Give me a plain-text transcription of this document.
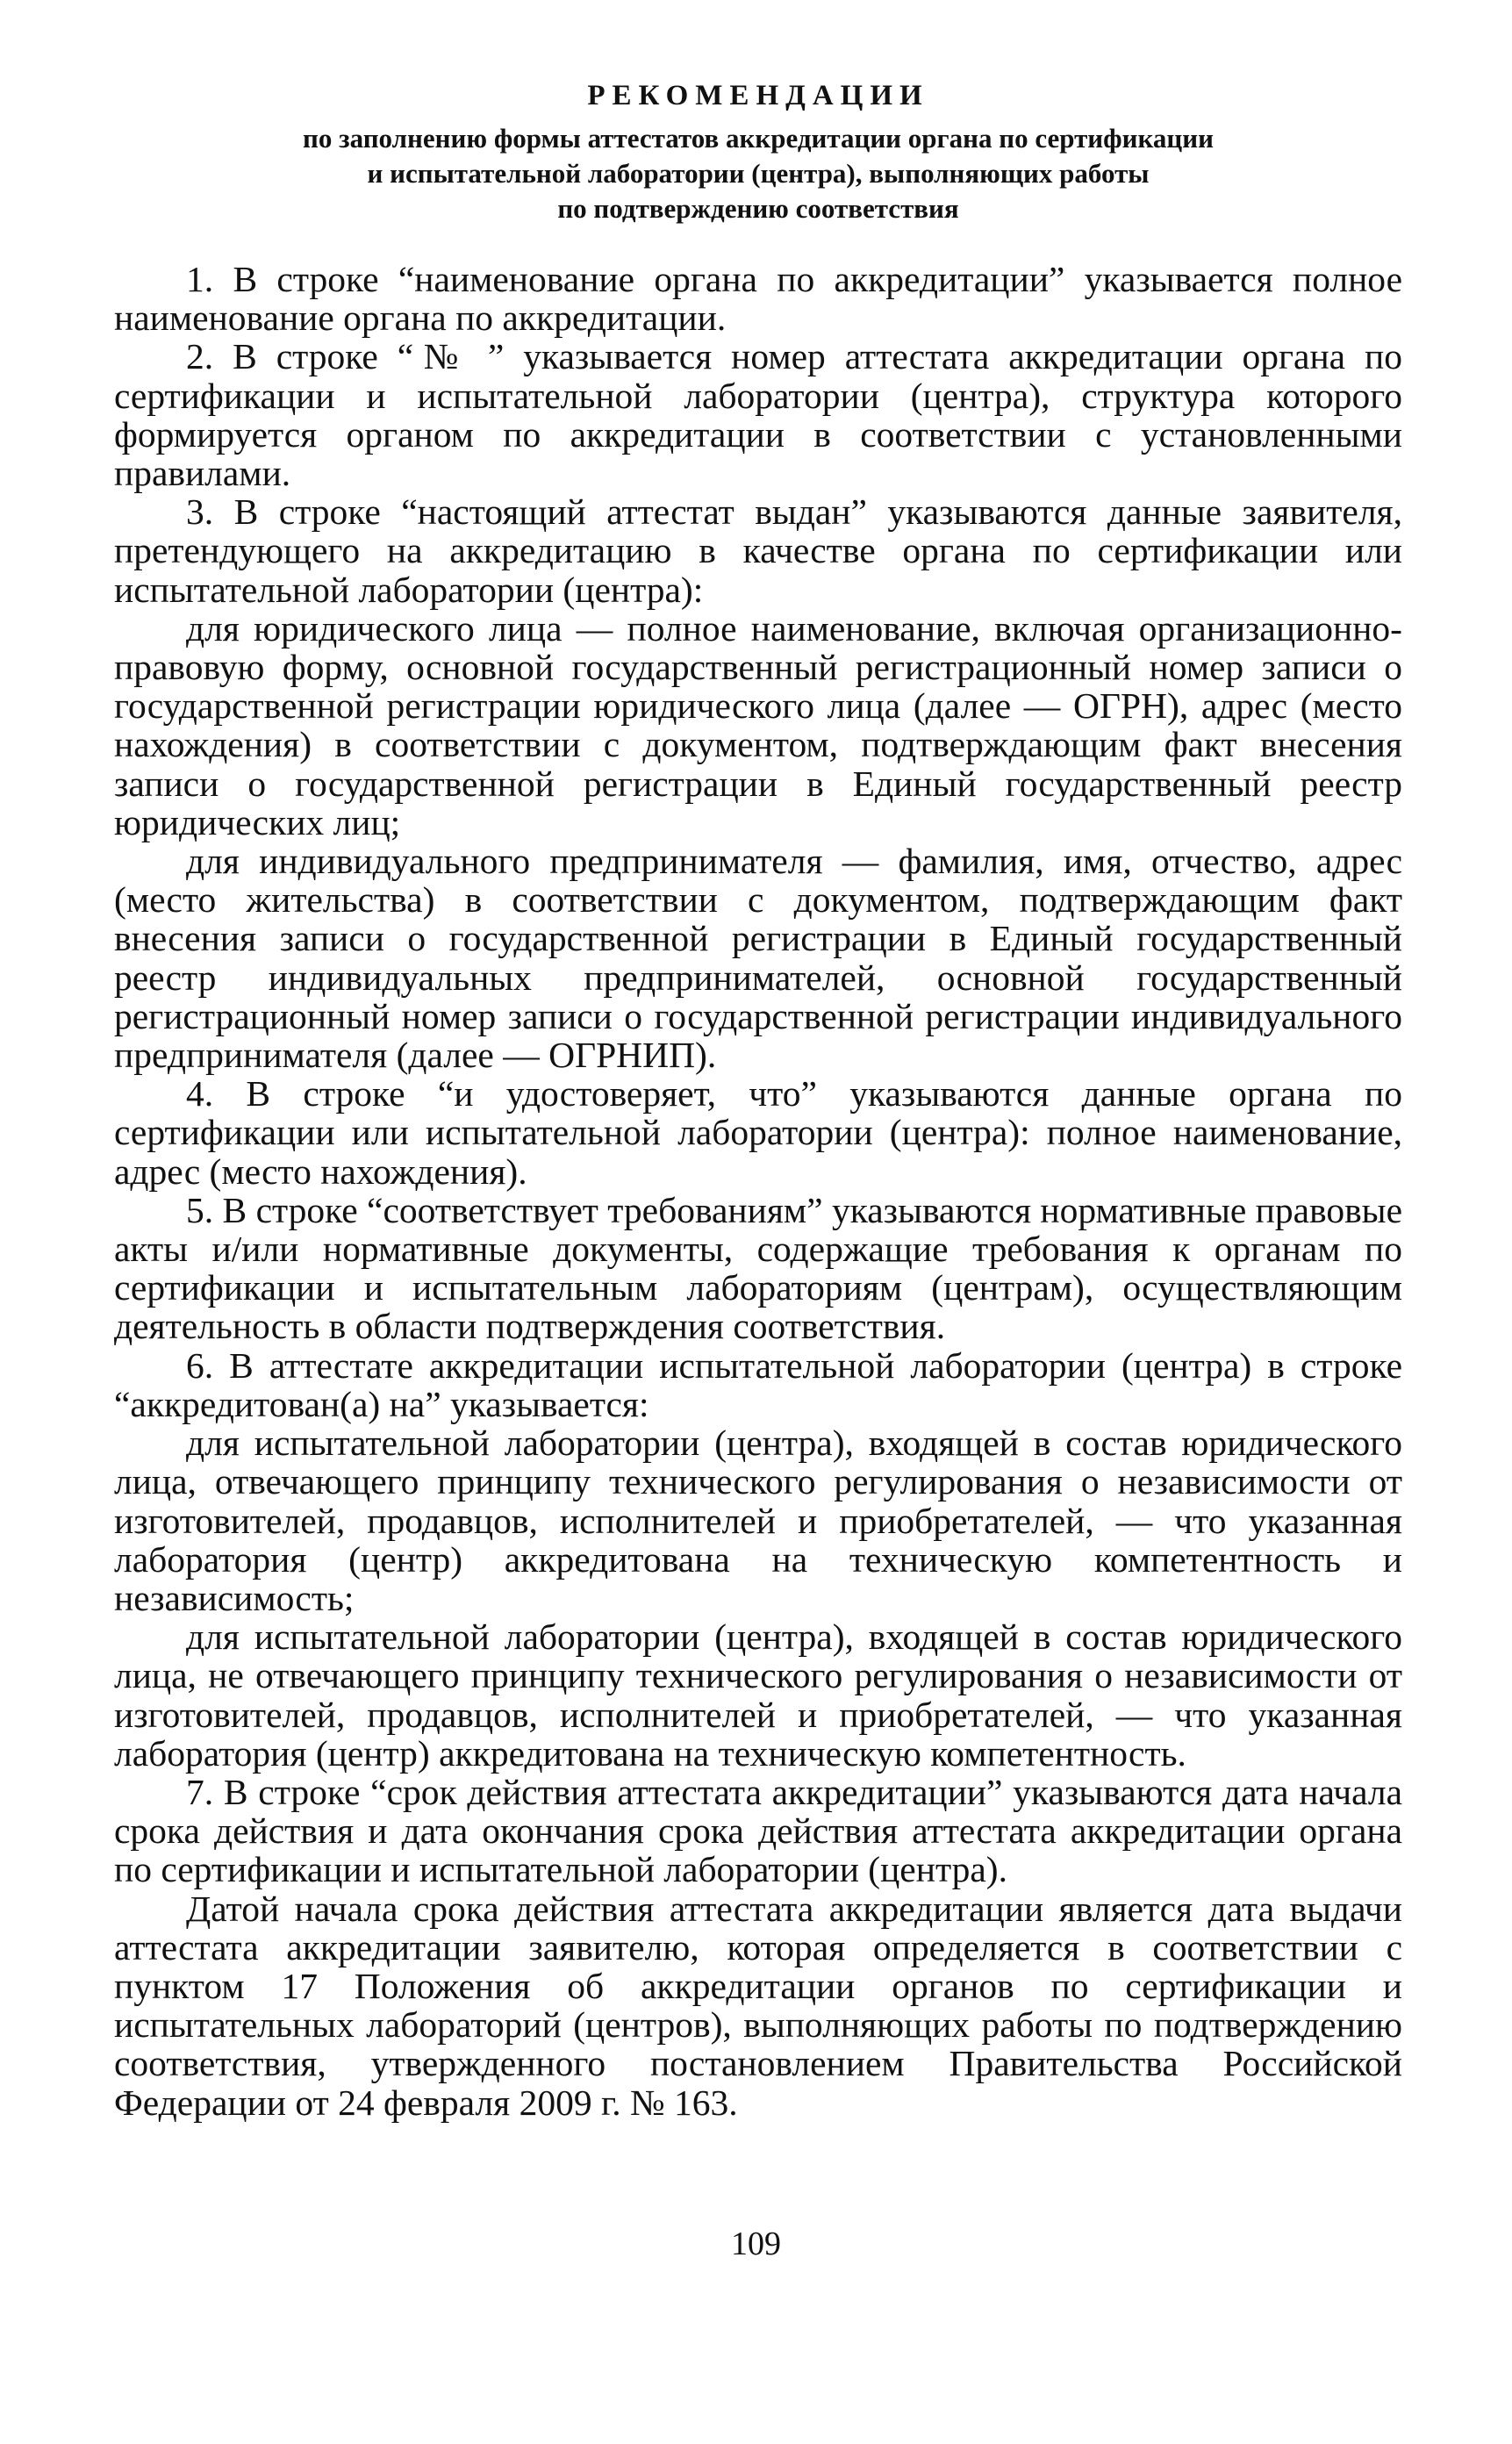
РЕКОМЕНДАЦИИ
по заполнению формы аттестатов аккредитации органа по сертификации
и испытательной лаборатории (центра), выполняющих работы
по подтверждению соответствия

1. В строке “наименование органа по аккредитации” указывается полное наименование органа по аккредитации.

2. В строке “№ ” указывается номер аттестата аккредитации органа по сертификации и испытательной лаборатории (центра), структура которого формируется органом по аккредитации в соответствии с установленными правилами.

3. В строке “настоящий аттестат выдан” указываются данные заявителя, претендующего на аккредитацию в качестве органа по сертификации или испытательной лаборатории (центра):

для юридического лица — полное наименование, включая организационно-правовую форму, основной государственный регистрационный номер записи о государственной регистрации юридического лица (далее — ОГРН), адрес (место нахождения) в соответствии с документом, подтверждающим факт внесения записи о государственной регистрации в Единый государственный реестр юридических лиц;

для индивидуального предпринимателя — фамилия, имя, отчество, адрес (место жительства) в соответствии с документом, подтверждающим факт внесения записи о государственной регистрации в Единый государственный реестр индивидуальных предпринимателей, основной государственный регистрационный номер записи о государственной регистрации индивидуального предпринимателя (далее — ОГРНИП).

4. В строке “и удостоверяет, что” указываются данные органа по сертификации или испытательной лаборатории (центра): полное наименование, адрес (место нахождения).

5. В строке “соответствует требованиям” указываются нормативные правовые акты и/или нормативные документы, содержащие требования к органам по сертификации и испытательным лабораториям (центрам), осуществляющим деятельность в области подтверждения соответствия.

6. В аттестате аккредитации испытательной лаборатории (центра) в строке “аккредитован(а) на” указывается:

для испытательной лаборатории (центра), входящей в состав юридического лица, отвечающего принципу технического регулирования о независимости от изготовителей, продавцов, исполнителей и приобретателей, — что указанная лаборатория (центр) аккредитована на техническую компетентность и независимость;

для испытательной лаборатории (центра), входящей в состав юридического лица, не отвечающего принципу технического регулирования о независимости от изготовителей, продавцов, исполнителей и приобретателей, — что указанная лаборатория (центр) аккредитована на техническую компетентность.

7. В строке “срок действия аттестата аккредитации” указываются дата начала срока действия и дата окончания срока действия аттестата аккредитации органа по сертификации и испытательной лаборатории (центра).

Датой начала срока действия аттестата аккредитации является дата выдачи аттестата аккредитации заявителю, которая определяется в соответствии с пунктом 17 Положения об аккредитации органов по сертификации и испытательных лабораторий (центров), выполняющих работы по подтверждению соответствия, утвержденного постановлением Правительства Российской Федерации от 24 февраля 2009 г. № 163.

109
